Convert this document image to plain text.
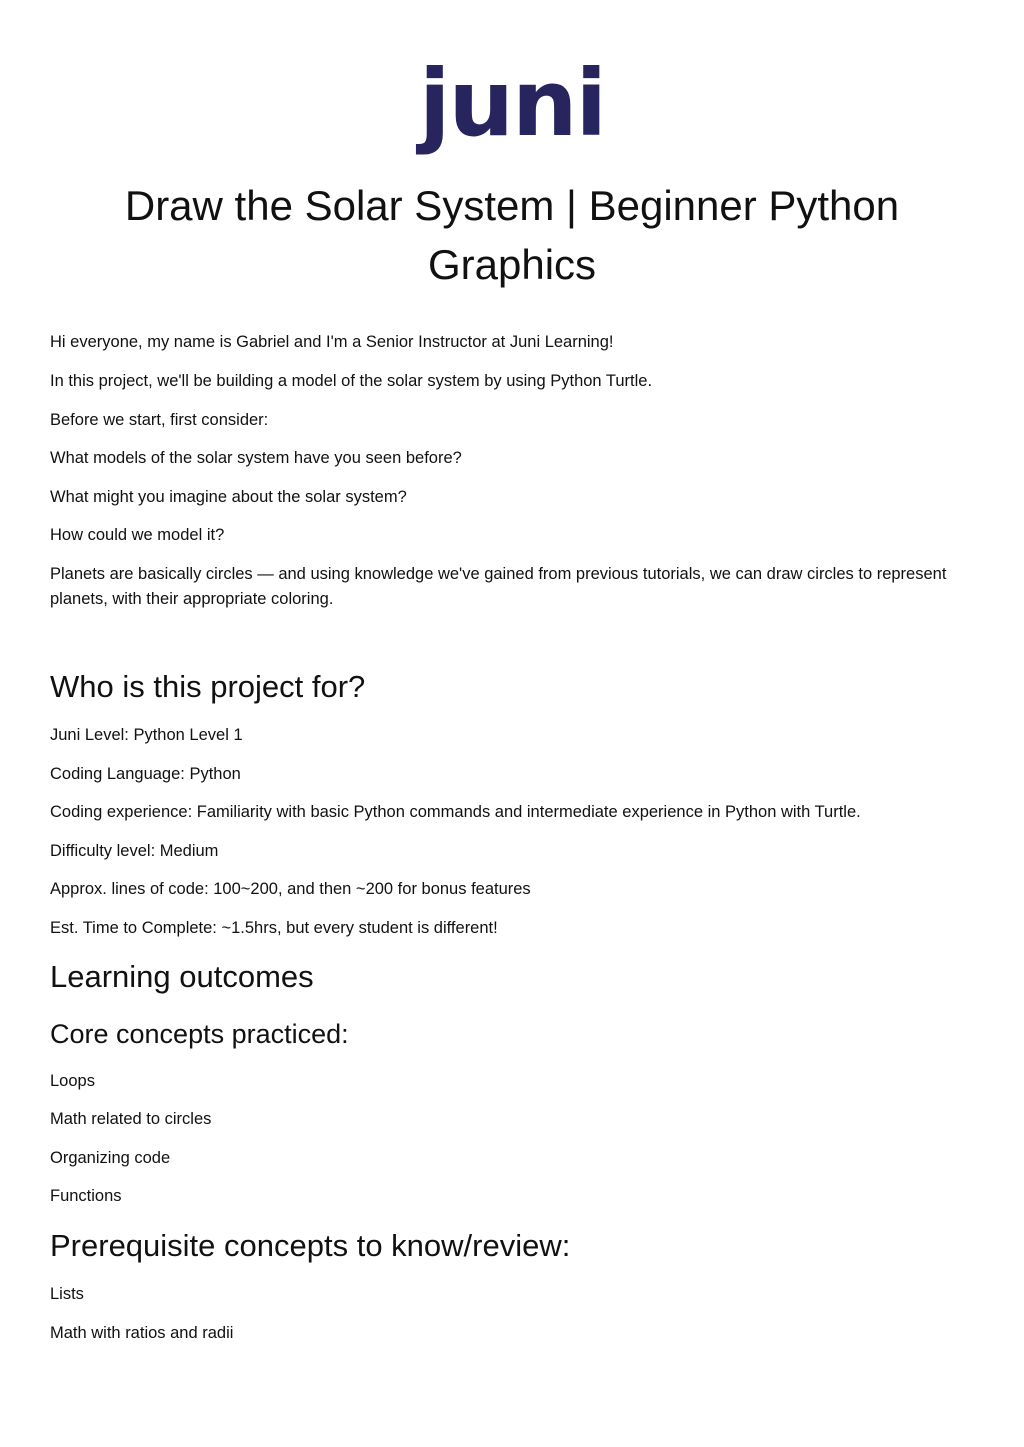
juni
Draw the Solar System | Beginner Python Graphics

Hi everyone, my name is Gabriel and I'm a Senior Instructor at Juni Learning!

In this project, we'll be building a model of the solar system by using Python Turtle.

Before we start, first consider:

What models of the solar system have you seen before?

What might you imagine about the solar system?

How could we model it?

Planets are basically circles — and using knowledge we've gained from previous tutorials, we can draw circles to represent planets, with their appropriate coloring.

Who is this project for?

Juni Level: Python Level 1

Coding Language: Python

Coding experience: Familiarity with basic Python commands and intermediate experience in Python with Turtle.

Difficulty level: Medium

Approx. lines of code: 100~200, and then ~200 for bonus features

Est. Time to Complete: ~1.5hrs, but every student is different!

Learning outcomes
Core concepts practiced:

Loops

Math related to circles

Organizing code

Functions

Prerequisite concepts to know/review:

Lists

Math with ratios and radii
